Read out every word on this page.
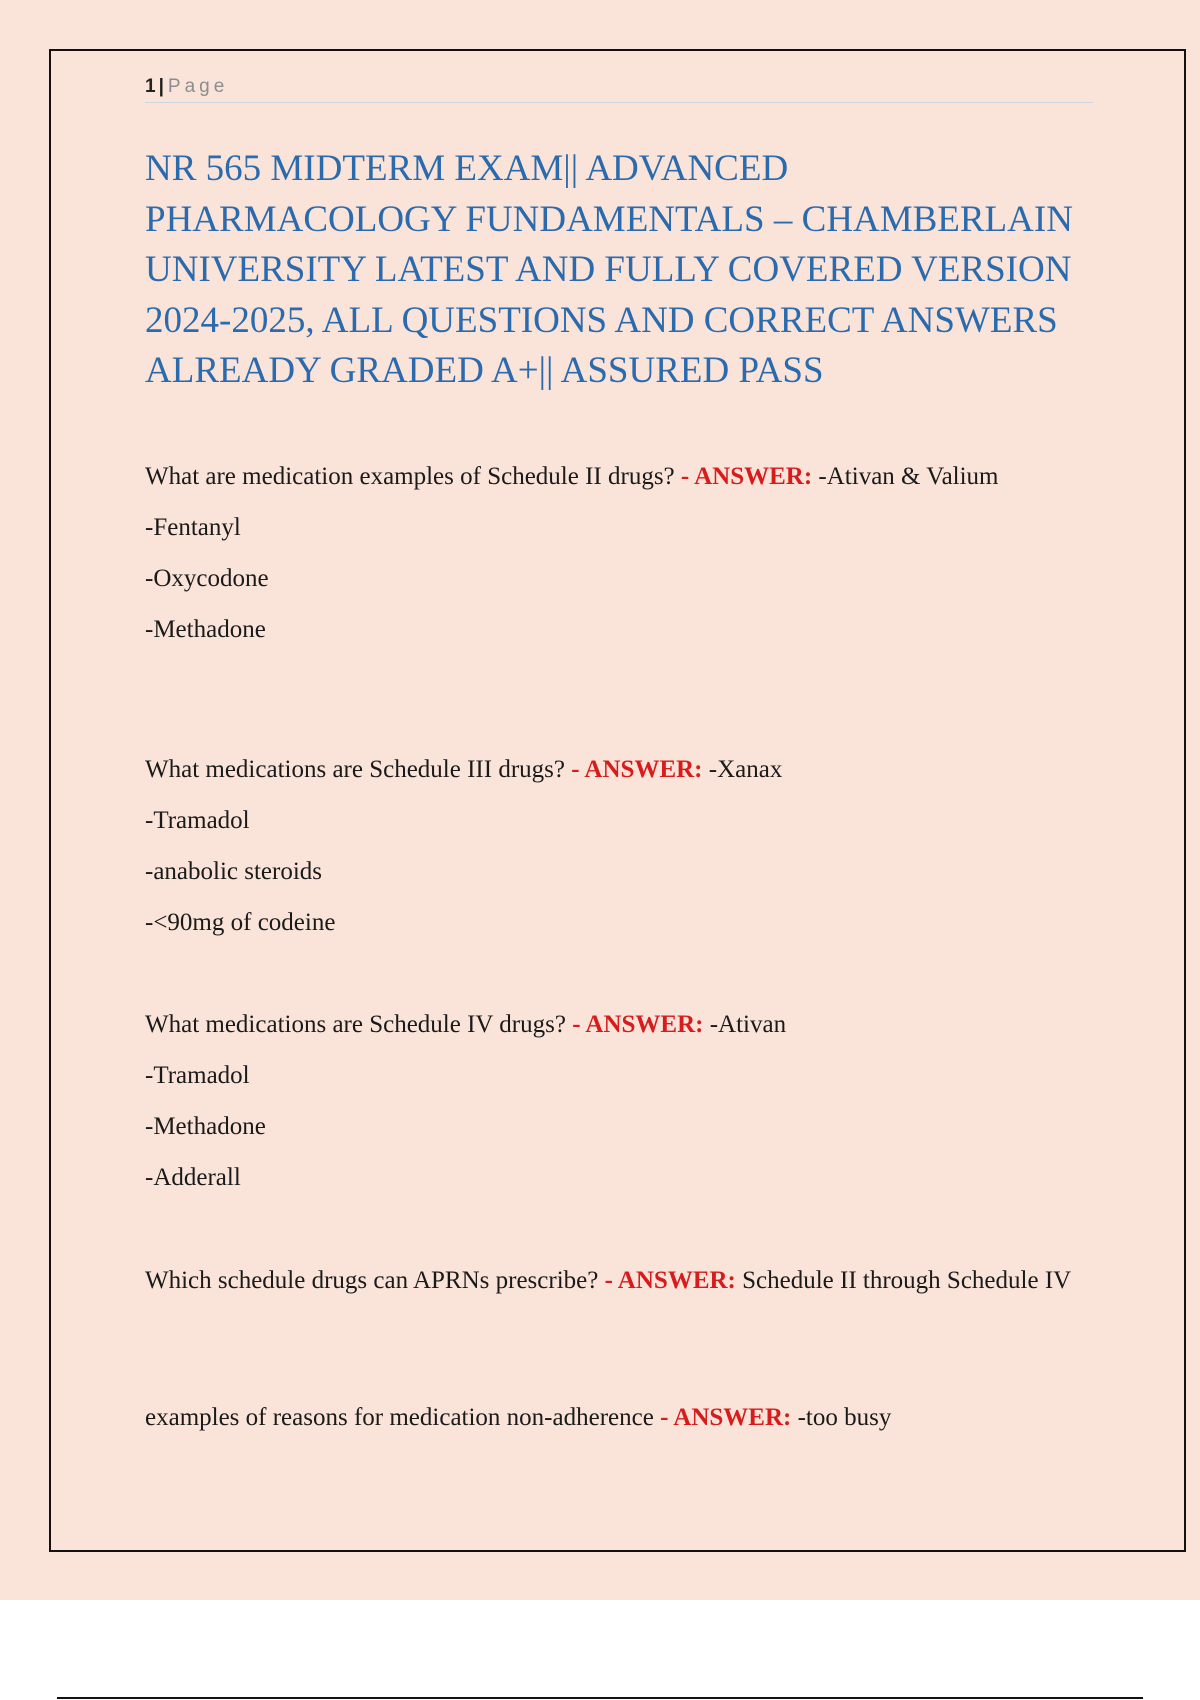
1 | Page
NR 565 MIDTERM EXAM|| ADVANCED PHARMACOLOGY FUNDAMENTALS – CHAMBERLAIN UNIVERSITY LATEST AND FULLY COVERED VERSION 2024-2025, ALL QUESTIONS AND CORRECT ANSWERS ALREADY GRADED A+|| ASSURED PASS

What are medication examples of Schedule II drugs? - ANSWER: -Ativan & Valium

-Fentanyl

-Oxycodone

-Methadone

What medications are Schedule III drugs? - ANSWER: -Xanax

-Tramadol

-anabolic steroids

-<90mg of codeine

What medications are Schedule IV drugs? - ANSWER: -Ativan

-Tramadol

-Methadone

-Adderall

Which schedule drugs can APRNs prescribe? - ANSWER: Schedule II through Schedule IV

examples of reasons for medication non-adherence - ANSWER: -too busy
